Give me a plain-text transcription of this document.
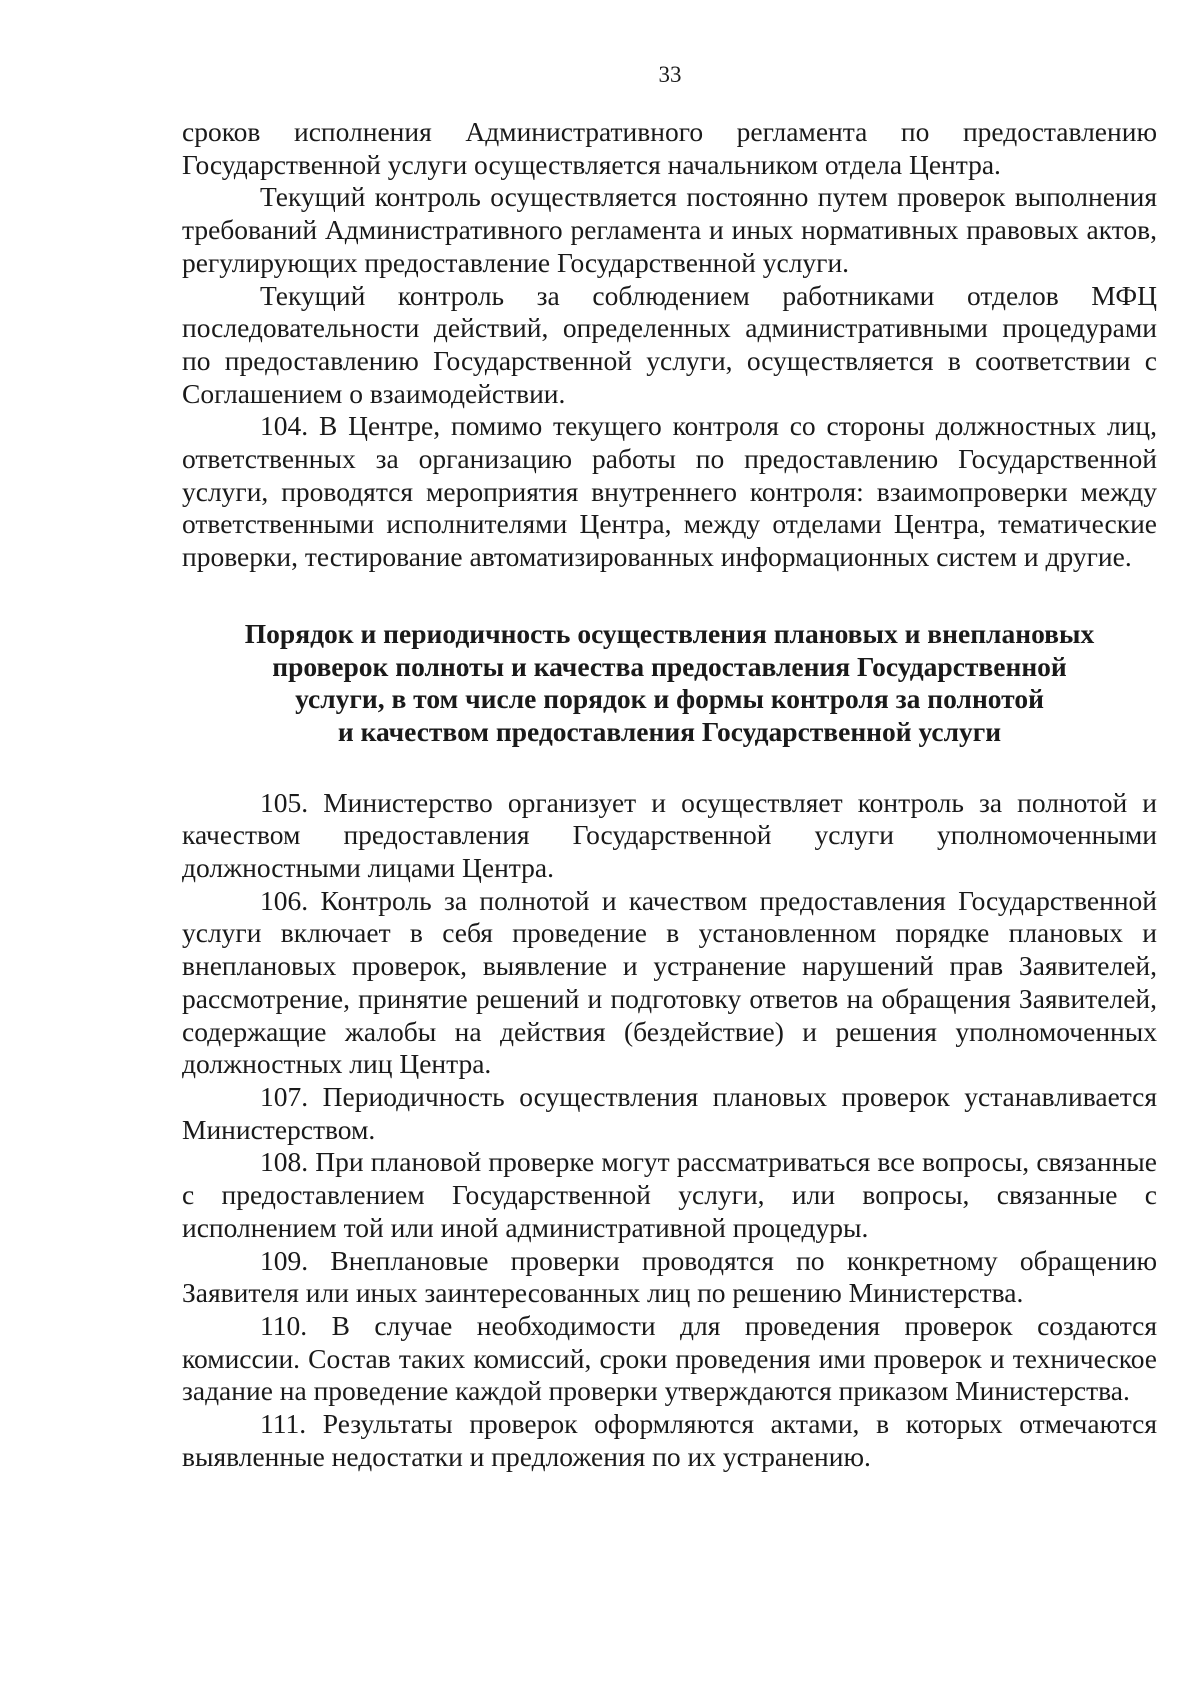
33

сроков исполнения Административного регламента по предоставлению Государственной услуги осуществляется начальником отдела Центра.

Текущий контроль осуществляется постоянно путем проверок выполнения требований Административного регламента и иных нормативных правовых актов, регулирующих предоставление Государственной услуги.

Текущий контроль за соблюдением работниками отделов МФЦ последовательности действий, определенных административными процедурами по предоставлению Государственной услуги, осуществляется в соответствии с Соглашением о взаимодействии.

104. В Центре, помимо текущего контроля со стороны должностных лиц, ответственных за организацию работы по предоставлению Государственной услуги, проводятся мероприятия внутреннего контроля: взаимопроверки между ответственными исполнителями Центра, между отделами Центра, тематические проверки, тестирование автоматизированных информационных систем и другие.

Порядок и периодичность осуществления плановых и внеплановых
проверок полноты и качества предоставления Государственной
услуги, в том числе порядок и формы контроля за полнотой
и качеством предоставления Государственной услуги

105. Министерство организует и осуществляет контроль за полнотой и качеством предоставления Государственной услуги уполномоченными должностными лицами Центра.

106. Контроль за полнотой и качеством предоставления Государственной услуги включает в себя проведение в установленном порядке плановых и внеплановых проверок, выявление и устранение нарушений прав Заявителей, рассмотрение, принятие решений и подготовку ответов на обращения Заявителей, содержащие жалобы на действия (бездействие) и решения уполномоченных должностных лиц Центра.

107. Периодичность осуществления плановых проверок устанавливается Министерством.

108. При плановой проверке могут рассматриваться все вопросы, связанные с предоставлением Государственной услуги, или вопросы, связанные с исполнением той или иной административной процедуры.

109. Внеплановые проверки проводятся по конкретному обращению Заявителя или иных заинтересованных лиц по решению Министерства.

110. В случае необходимости для проведения проверок создаются комиссии. Состав таких комиссий, сроки проведения ими проверок и техническое задание на проведение каждой проверки утверждаются приказом Министерства.

111. Результаты проверок оформляются актами, в которых отмечаются выявленные недостатки и предложения по их устранению.
